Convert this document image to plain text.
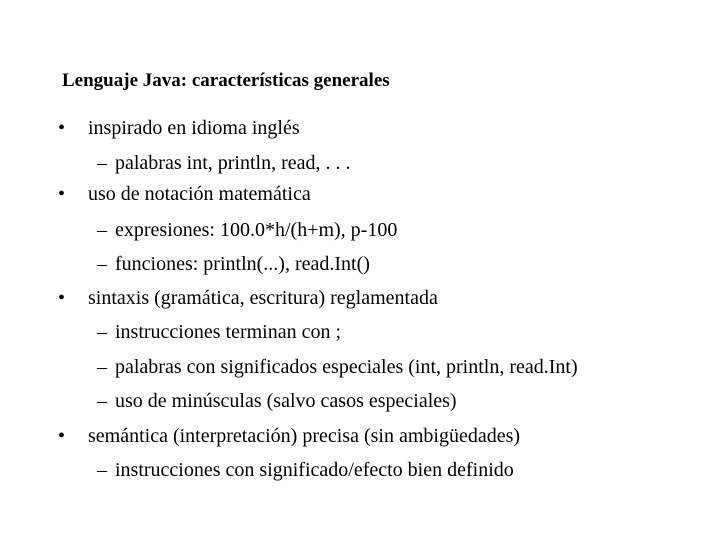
Lenguaje Java: características generales
• inspirado en idioma inglés
– palabras int, println, read, . . .
• uso de notación matemática
– expresiones: 100.0*h/(h+m), p-100
– funciones: println(...), read.Int()
• sintaxis (gramática, escritura) reglamentada
– instrucciones terminan con ;
– palabras con significados especiales (int, println, read.Int)
– uso de minúsculas (salvo casos especiales)
• semántica (interpretación) precisa (sin ambigüedades)
– instrucciones con significado/efecto bien definido
